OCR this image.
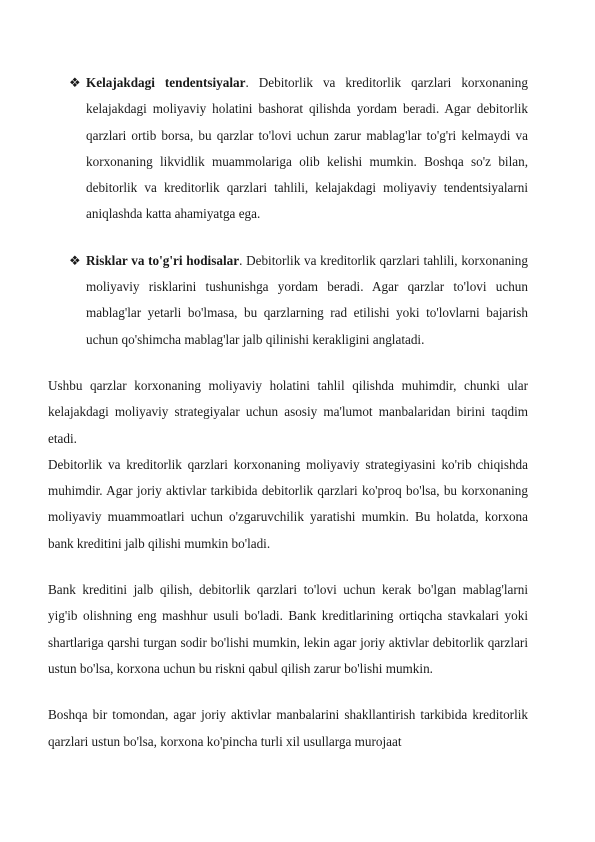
❖ Kelajakdagi tendentsiyalar. Debitorlik va kreditorlik qarzlari korxonaning kelajakdagi moliyaviy holatini bashorat qilishda yordam beradi. Agar debitorlik qarzlari ortib borsa, bu qarzlar to'lovi uchun zarur mablag'lar to'g'ri kelmaydi va korxonaning likvidlik muammolariga olib kelishi mumkin. Boshqa so'z bilan, debitorlik va kreditorlik qarzlari tahlili, kelajakdagi moliyaviy tendentsiyalarni aniqlashda katta ahamiyatga ega.
❖ Risklar va to'g'ri hodisalar. Debitorlik va kreditorlik qarzlari tahlili, korxonaning moliyaviy risklarini tushunishga yordam beradi. Agar qarzlar to'lovi uchun mablag'lar yetarli bo'lmasa, bu qarzlarning rad etilishi yoki to'lovlarni bajarish uchun qo'shimcha mablag'lar jalb qilinishi kerakligini anglatadi.

Ushbu qarzlar korxonaning moliyaviy holatini tahlil qilishda muhimdir, chunki ular kelajakdagi moliyaviy strategiyalar uchun asosiy ma'lumot manbalaridan birini taqdim etadi.

Debitorlik va kreditorlik qarzlari korxonaning moliyaviy strategiyasini ko'rib chiqishda muhimdir. Agar joriy aktivlar tarkibida debitorlik qarzlari ko'proq bo'lsa, bu korxonaning moliyaviy muammoatlari uchun o'zgaruvchilik yaratishi mumkin. Bu holatda, korxona bank kreditini jalb qilishi mumkin bo'ladi.

Bank kreditini jalb qilish, debitorlik qarzlari to'lovi uchun kerak bo'lgan mablag'larni yig'ib olishning eng mashhur usuli bo'ladi. Bank kreditlarining ortiqcha stavkalari yoki shartlariga qarshi turgan sodir bo'lishi mumkin, lekin agar joriy aktivlar debitorlik qarzlari ustun bo'lsa, korxona uchun bu riskni qabul qilish zarur bo'lishi mumkin.

Boshqa bir tomondan, agar joriy aktivlar manbalarini shakllantirish tarkibida kreditorlik qarzlari ustun bo'lsa, korxona ko'pincha turli xil usullarga murojaat
